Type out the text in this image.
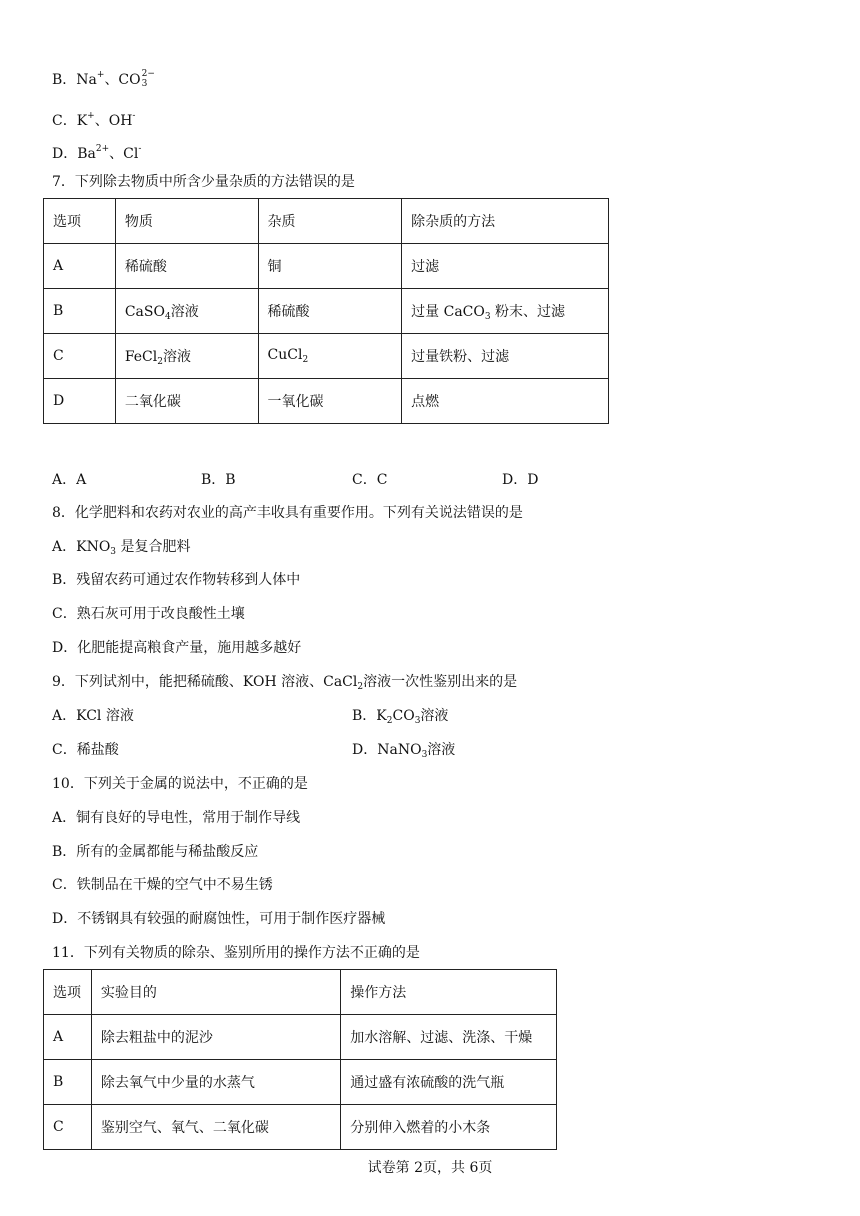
B．Na+、CO 2−
3
C．K+、OH-
D．$Ba^{2+}$、Cl-
7．下列除去物质中所含少量杂质的方法错误的是
选项	物质	杂质	除杂质的方法
A	稀硫酸	铜	过滤
B	CaSO$_4$溶液	稀硫酸	过量 CaCO$_3$ 粉末、过滤
C	FeCl$_2$溶液	CuCl$_2$	过量铁粉、过滤
D	二氧化碳	一氧化碳	点燃
A．A	B．B	C．C	D．D
8．化学肥料和农药对农业的高产丰收具有重要作用。下列有关说法错误的是
A．$KNO_3$ 是复合肥料
B．残留农药可通过农作物转移到人体中
C．熟石灰可用于改良酸性土壤
D．化肥能提高粮食产量，施用越多越好
9．下列试剂中，能把稀硫酸、KOH 溶液、CaCl$_2$溶液一次性鉴别出来的是
A．KCl 溶液	B．$K_2CO_3$溶液
C．稀盐酸	D．NaNO$_3$溶液
10．下列关于金属的说法中，不正确的是
A．铜有良好的导电性，常用于制作导线
B．所有的金属都能与稀盐酸反应
C．铁制品在干燥的空气中不易生锈
D．不锈钢具有较强的耐腐蚀性，可用于制作医疗器械
11．下列有关物质的除杂、鉴别所用的操作方法不正确的是
选项	实验目的	操作方法
A	除去粗盐中的泥沙	加水溶解、过滤、洗涤、干燥
B	除去氧气中少量的水蒸气	通过盛有浓硫酸的洗气瓶
C	鉴别空气、氧气、二氧化碳	分别伸入燃着的小木条
试卷第 2页，共 6页
